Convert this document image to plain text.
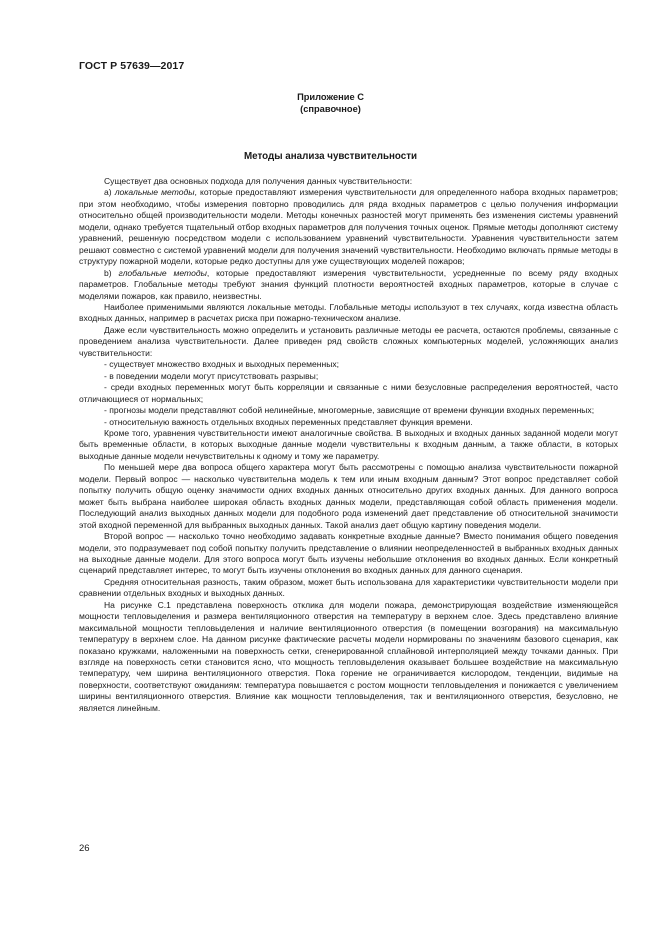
ГОСТ Р 57639—2017
Приложение С
(справочное)
Методы анализа чувствительности

Существует два основных подхода для получения данных чувствительности:

а) локальные методы, которые предоставляют измерения чувствительности для определенного набора входных параметров; при этом необходимо, чтобы измерения повторно проводились для ряда входных параметров с целью получения информации относительно общей производительности модели. Методы конечных разностей могут применять без изменения системы уравнений модели, однако требуется тщательный отбор входных параметров для получения точных оценок. Прямые методы дополняют систему уравнений, решенную посредством модели с использованием уравнений чувствительности. Уравнения чувствительности затем решают совместно с системой уравнений модели для получения значений чувствительности. Необходимо включать прямые методы в структуру пожарной модели, которые редко доступны для уже существующих моделей пожаров;

b) глобальные методы, которые предоставляют измерения чувствительности, усредненные по всему ряду входных параметров. Глобальные методы требуют знания функций плотности вероятностей входных параметров, которые в случае с моделями пожаров, как правило, неизвестны.

Наиболее применимыми являются локальные методы. Глобальные методы используют в тех случаях, когда известна область входных данных, например в расчетах риска при пожарно-техническом анализе.

Даже если чувствительность можно определить и установить различные методы ее расчета, остаются проблемы, связанные с проведением анализа чувствительности. Далее приведен ряд свойств сложных компьютерных моделей, усложняющих анализ чувствительности:

- существует множество входных и выходных переменных;

- в поведении модели могут присутствовать разрывы;

- среди входных переменных могут быть корреляции и связанные с ними безусловные распределения вероятностей, часто отличающиеся от нормальных;

- прогнозы модели представляют собой нелинейные, многомерные, зависящие от времени функции входных переменных;

- относительную важность отдельных входных переменных представляет функция времени.

Кроме того, уравнения чувствительности имеют аналогичные свойства. В выходных и входных данных заданной модели могут быть временные области, в которых выходные данные модели чувствительны к входным данным, а также области, в которых выходные данные модели нечувствительны к одному и тому же параметру.

По меньшей мере два вопроса общего характера могут быть рассмотрены с помощью анализа чувствительности пожарной модели. Первый вопрос — насколько чувствительна модель к тем или иным входным данным? Этот вопрос представляет собой попытку получить общую оценку значимости одних входных данных относительно других входных данных. Для данного вопроса может быть выбрана наиболее широкая область входных данных модели, представляющая собой область применения модели. Последующий анализ выходных данных модели для подобного рода изменений дает представление об относительной значимости этой входной переменной для выбранных выходных данных. Такой анализ дает общую картину поведения модели.

Второй вопрос — насколько точно необходимо задавать конкретные входные данные? Вместо понимания общего поведения модели, это подразумевает под собой попытку получить представление о влиянии неопределенностей в выбранных входных данных на выходные данные модели. Для этого вопроса могут быть изучены небольшие отклонения во входных данных. Если конкретный сценарий представляет интерес, то могут быть изучены отклонения во входных данных для данного сценария.

Средняя относительная разность, таким образом, может быть использована для характеристики чувствительности модели при сравнении отдельных входных и выходных данных.

На рисунке С.1 представлена поверхность отклика для модели пожара, демонстрирующая воздействие изменяющейся мощности тепловыделения и размера вентиляционного отверстия на температуру в верхнем слое. Здесь представлено влияние максимальной мощности тепловыделения и наличие вентиляционного отверстия (в помещении возгорания) на максимальную температуру в верхнем слое. На данном рисунке фактические расчеты модели нормированы по значениям базового сценария, как показано кружками, наложенными на поверхность сетки, сгенерированной сплайновой интерполяцией между точками данных. При взгляде на поверхность сетки становится ясно, что мощность тепловыделения оказывает большее воздействие на максимальную температуру, чем ширина вентиляционного отверстия. Пока горение не ограничивается кислородом, тенденции, видимые на поверхности, соответствуют ожиданиям: температура повышается с ростом мощности тепловыделения и понижается с увеличением ширины вентиляционного отверстия. Влияние как мощности тепловыделения, так и вентиляционного отверстия, безусловно, не является линейным.

26
